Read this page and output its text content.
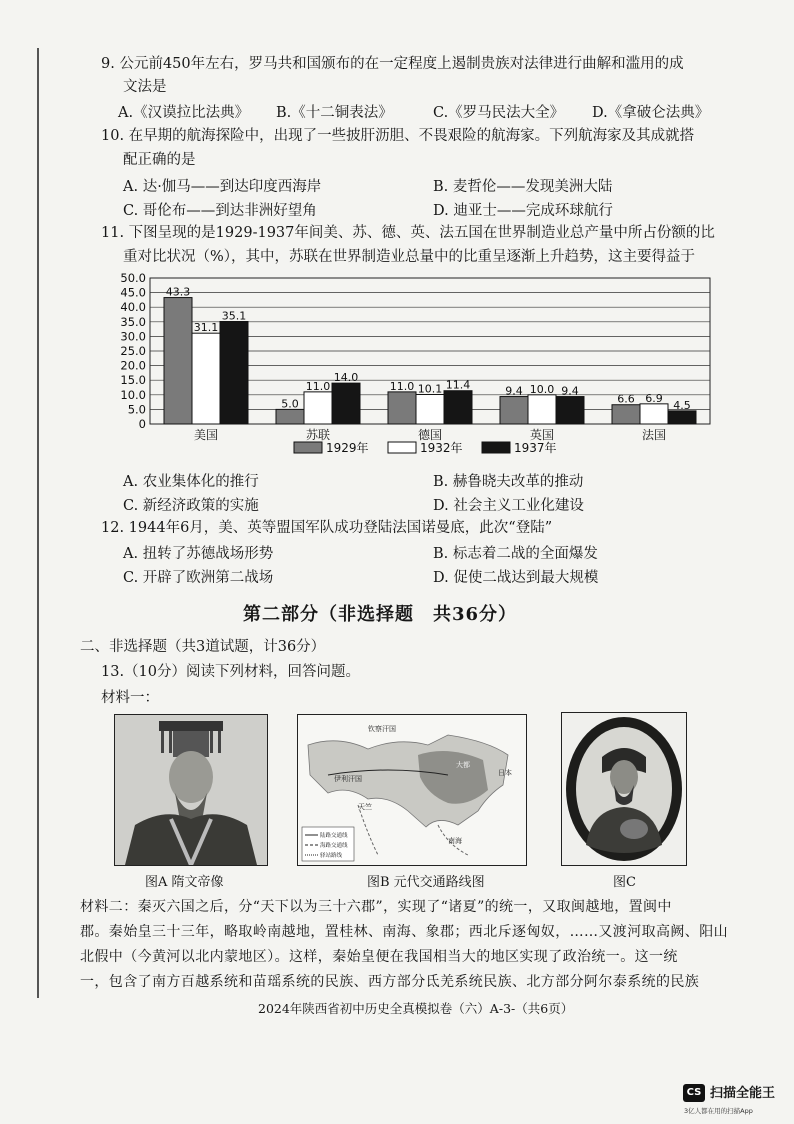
9. 公元前450年左右，罗马共和国颁布的在一定程度上遏制贵族对法律进行曲解和滥用的成
文法是
A.《汉谟拉比法典》 B.《十二铜表法》	C.《罗马民法大全》 D.《拿破仑法典》
10. 在早期的航海探险中，出现了一些披肝沥胆、不畏艰险的航海家。下列航海家及其成就搭
配正确的是
A. 达·伽马——到达印度西海岸	B. 麦哲伦——发现美洲大陆
C. 哥伦布——到达非洲好望角	D. 迪亚士——完成环球航行
11. 下图呈现的是1929-1937年间美、苏、德、英、法五国在世界制造业总产量中所占份额的比
重对比状况（%），其中，苏联在世界制造业总量中的比重呈逐渐上升趋势，这主要得益于
50.0
45.0
40.0
35.0
30.0
25.0
20.0
15.0
10.0
5.0
0
43.3
31.1
35.1
5.0
11.0
14.0
11.0 10.1 11.4	9.4 10.0 9.4
6.6 6.9
4.5
美国	苏联	德国	英国	法国
1929年	1932年	1937年
A. 农业集体化的推行	B. 赫鲁晓夫改革的推动
C. 新经济政策的实施	D. 社会主义工业化建设
12. 1944年6月，美、英等盟国军队成功登陆法国诺曼底，此次“登陆”
A. 扭转了苏德战场形势	B. 标志着二战的全面爆发
C. 开辟了欧洲第二战场	D. 促使二战达到最大规模
第二部分（非选择题　共36分）
二、非选择题（共3道试题，计36分）
13.（10分）阅读下列材料，回答问题。
材料一：
图A 隋文帝像
钦察汗国
伊利汗国
天竺
大都
南海
日本
陆路交通线
海路交通线
驿站路线
图B 元代交通路线图	图C
材料二：秦灭六国之后，分“天下以为三十六郡”，实现了“诸夏”的统一，又取闽越地，置闽中
郡。秦始皇三十三年，略取岭南越地，置桂林、南海、象郡；西北斥逐匈奴，……又渡河取高阙、阳山
北假中（今黄河以北内蒙地区）。这样，秦始皇便在我国相当大的地区实现了政治统一。这一统
一，包含了南方百越系统和苗瑶系统的民族、西方部分氐羌系统民族、北方部分阿尔泰系统的民族
2024年陕西省初中历史全真模拟卷（六）A-3-（共6页）
CS 扫描全能王
3亿人都在用的扫描App
